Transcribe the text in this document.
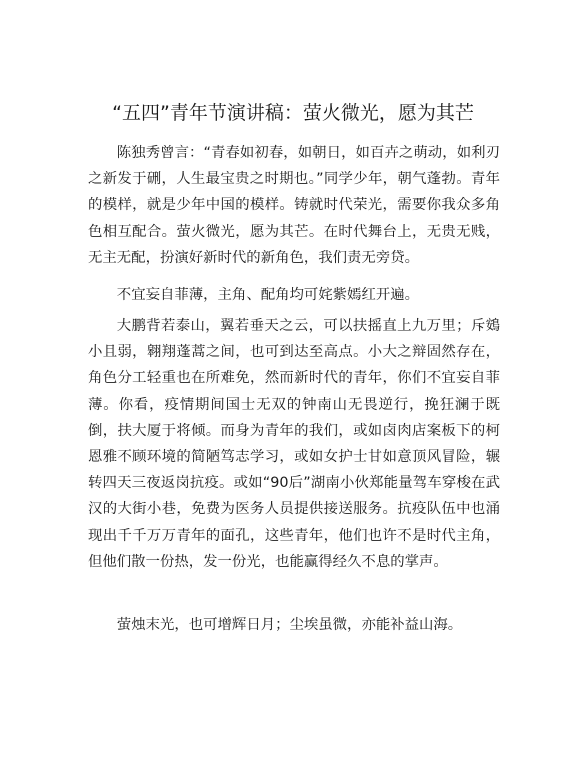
“五四”青年节演讲稿：萤火微光，愿为其芒

陈独秀曾言：“青春如初春，如朝日，如百卉之萌动，如利刃之新发于硎，人生最宝贵之时期也。”同学少年，朝气蓬勃。青年的模样，就是少年中国的模样。铸就时代荣光，需要你我众多角色相互配合。萤火微光，愿为其芒。在时代舞台上，无贵无贱，无主无配，扮演好新时代的新角色，我们责无旁贷。

不宜妄自菲薄，主角、配角均可姹紫嫣红开遍。

大鹏背若泰山，翼若垂天之云，可以扶摇直上九万里；斥鴳小且弱，翱翔蓬蒿之间，也可到达至高点。小大之辩固然存在，角色分工轻重也在所难免，然而新时代的青年，你们不宜妄自菲薄。你看，疫情期间国士无双的钟南山无畏逆行，挽狂澜于既倒，扶大厦于将倾。而身为青年的我们，或如卤肉店案板下的柯恩雅不顾环境的简陋笃志学习，或如女护士甘如意顶风冒险，辗转四天三夜返岗抗疫。或如“90后”湖南小伙郑能量驾车穿梭在武汉的大街小巷，免费为医务人员提供接送服务。抗疫队伍中也涌现出千千万万青年的面孔，这些青年，他们也许不是时代主角，但他们散一份热，发一份光，也能赢得经久不息的掌声。

萤烛末光，也可增辉日月；尘埃虽微，亦能补益山海。
